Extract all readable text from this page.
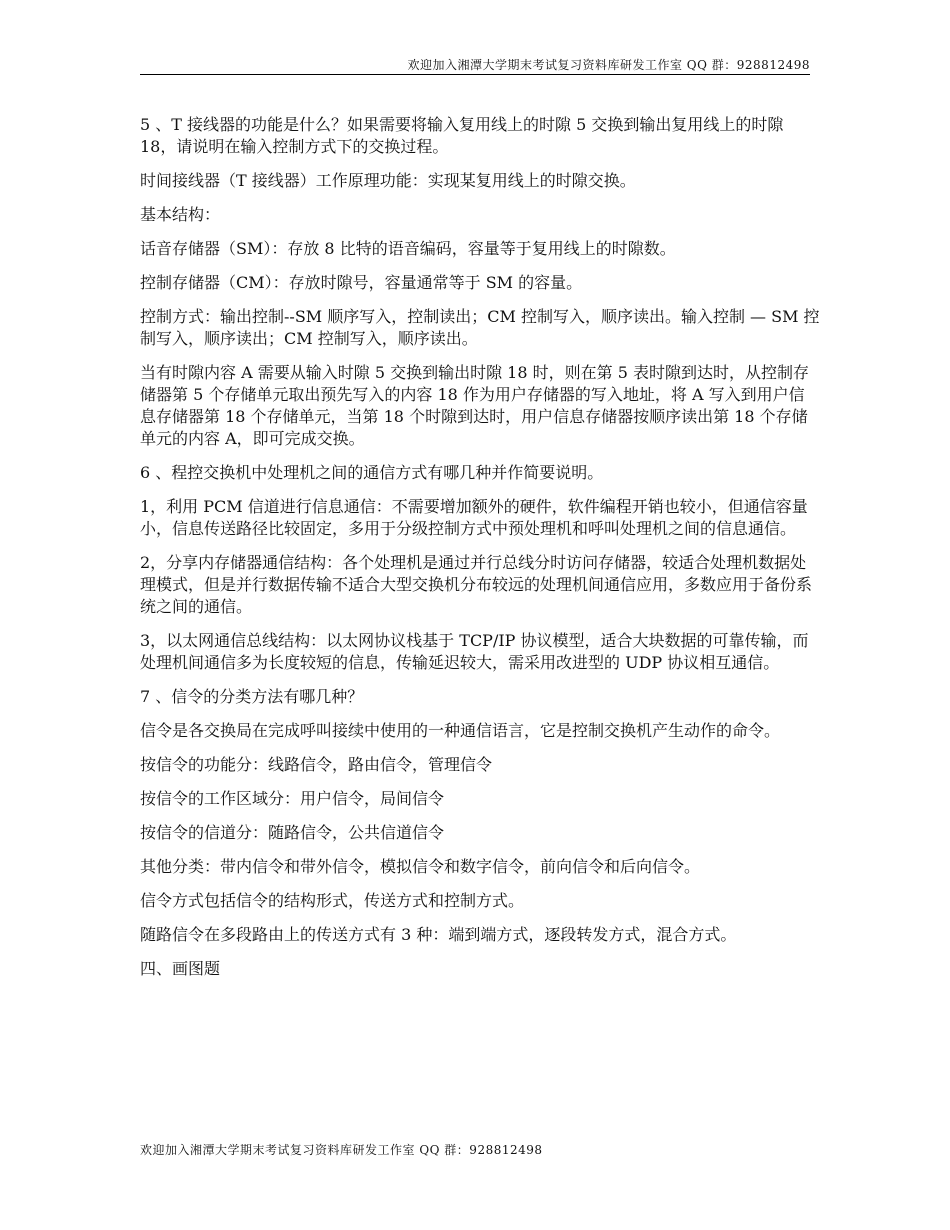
欢迎加入湘潭大学期末考试复习资料库研发工作室 QQ 群：928812498

5 、T 接线器的功能是什么？如果需要将输入复用线上的时隙 5 交换到输出复用线上的时隙 18，请说明在输入控制方式下的交换过程。

时间接线器（T 接线器）工作原理功能：实现某复用线上的时隙交换。

基本结构：

话音存储器（SM）：存放 8 比特的语音编码，容量等于复用线上的时隙数。

控制存储器（CM）：存放时隙号，容量通常等于 SM 的容量。

控制方式：输出控制--SM 顺序写入，控制读出；CM 控制写入，顺序读出。输入控制 — SM 控制写入，顺序读出；CM 控制写入，顺序读出。

当有时隙内容 A 需要从输入时隙 5 交换到输出时隙 18 时，则在第 5 表时隙到达时，从控制存储器第 5 个存储单元取出预先写入的内容 18 作为用户存储器的写入地址，将 A 写入到用户信息存储器第 18 个存储单元，当第 18 个时隙到达时，用户信息存储器按顺序读出第 18 个存储单元的内容 A，即可完成交换。

6 、程控交换机中处理机之间的通信方式有哪几种并作简要说明。

1，利用 PCM 信道进行信息通信：不需要增加额外的硬件，软件编程开销也较小，但通信容量小，信息传送路径比较固定，多用于分级控制方式中预处理机和呼叫处理机之间的信息通信。

2，分享内存储器通信结构：各个处理机是通过并行总线分时访问存储器，较适合处理机数据处理模式，但是并行数据传输不适合大型交换机分布较远的处理机间通信应用，多数应用于备份系统之间的通信。

3，以太网通信总线结构：以太网协议栈基于 TCP/IP 协议模型，适合大块数据的可靠传输，而处理机间通信多为长度较短的信息，传输延迟较大，需采用改进型的 UDP 协议相互通信。

7 、信令的分类方法有哪几种？

信令是各交换局在完成呼叫接续中使用的一种通信语言，它是控制交换机产生动作的命令。

按信令的功能分：线路信令，路由信令，管理信令

按信令的工作区域分：用户信令，局间信令

按信令的信道分：随路信令，公共信道信令

其他分类：带内信令和带外信令，模拟信令和数字信令，前向信令和后向信令。

信令方式包括信令的结构形式，传送方式和控制方式。

随路信令在多段路由上的传送方式有 3 种：端到端方式，逐段转发方式，混合方式。

四、画图题

欢迎加入湘潭大学期末考试复习资料库研发工作室 QQ 群：928812498
